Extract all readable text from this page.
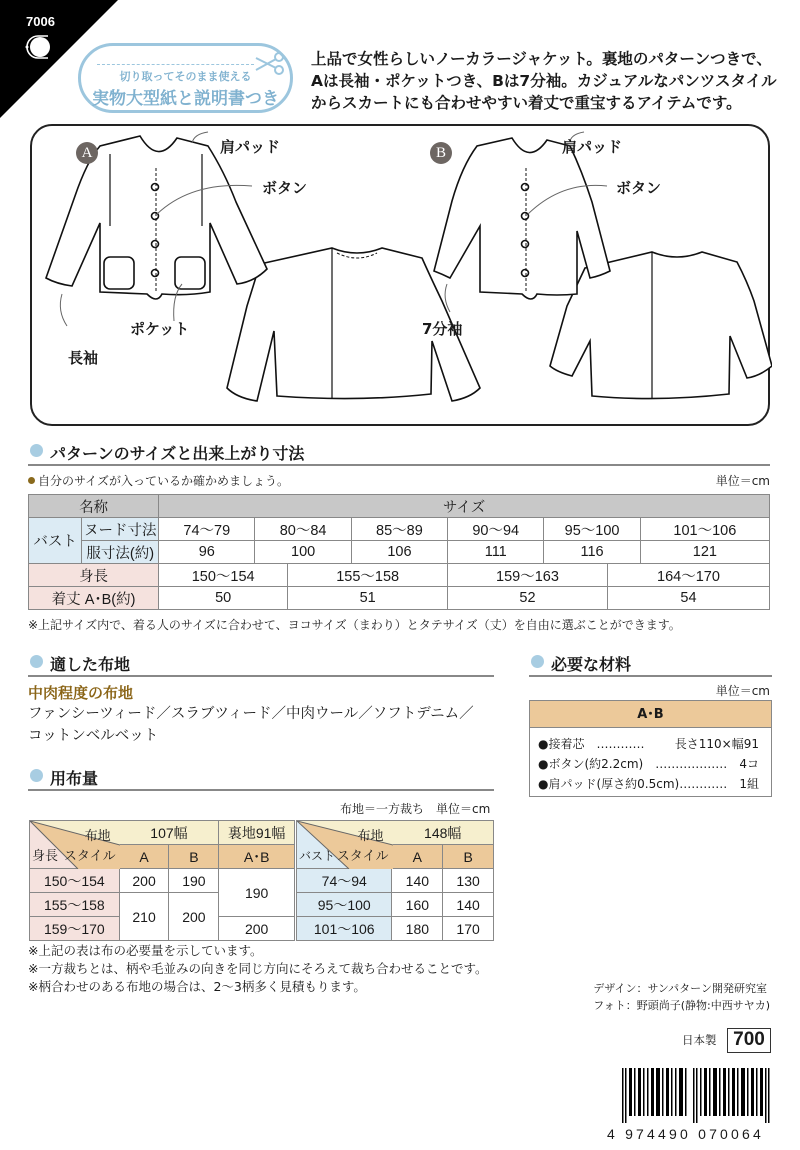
7006
切り取ってそのまま使える
実物大型紙と説明書つき
上品で女性らしいノーカラージャケット。裏地のパターンつきで、
Aは長袖・ポケットつき、Bは7分袖。カジュアルなパンツスタイル
からスカートにも合わせやすい着丈で重宝するアイテムです。
A	肩パッド
ボタン
ポケット
長袖
B	肩パッド
ボタン
7分袖
パターンのサイズと出来上がり寸法
自分のサイズが入っているか確かめましょう。	単位＝cm
名称		サイズ							
バスト	ヌード寸法	74〜79	80〜84		85〜89	90〜94	95〜100		101〜106
	服寸法(約)	96	100		106	111	116		121
身長		150〜154		155〜158		159〜163		164〜170	
着丈 A･B(約)		50		51		52		54	
※上記サイズ内で、着る人のサイズに合わせて、ヨコサイズ（まわり）とタテサイズ（丈）を自由に選ぶことができます。
適した布地
中肉程度の布地
ファンシーツィード／スラブツィード／中肉ウール／ソフトデニム／
コットンベルベット
必要な材料
単位＝cm
A･B
●接着芯　…………	長さ110×幅91
●ボタン(約2.2cm)　……………… 4コ
●肩パッド(厚さ約0.5cm)………… 1組
用布量
布地＝一方裁ち　単位＝cm
布地
身長 スタイル	107幅		裏地91幅
	A	B	A･B
150〜154	200	190	190
155〜158	210	200	
159〜170			200
布地
バスト スタイル	148幅	
	A	B
74〜94	140	130
95〜100	160	140
101〜106	180	170
※上記の表は布の必要量を示しています。
※一方裁ちとは、柄や毛並みの向きを同じ方向にそろえて裁ち合わせることです。
※柄合わせのある布地の場合は、2〜3柄多く見積もります。	デザイン：サンパターン開発研究室
フォト：野頭尚子(静物:中西サヤカ)
日本製 700
4 974490 070064
